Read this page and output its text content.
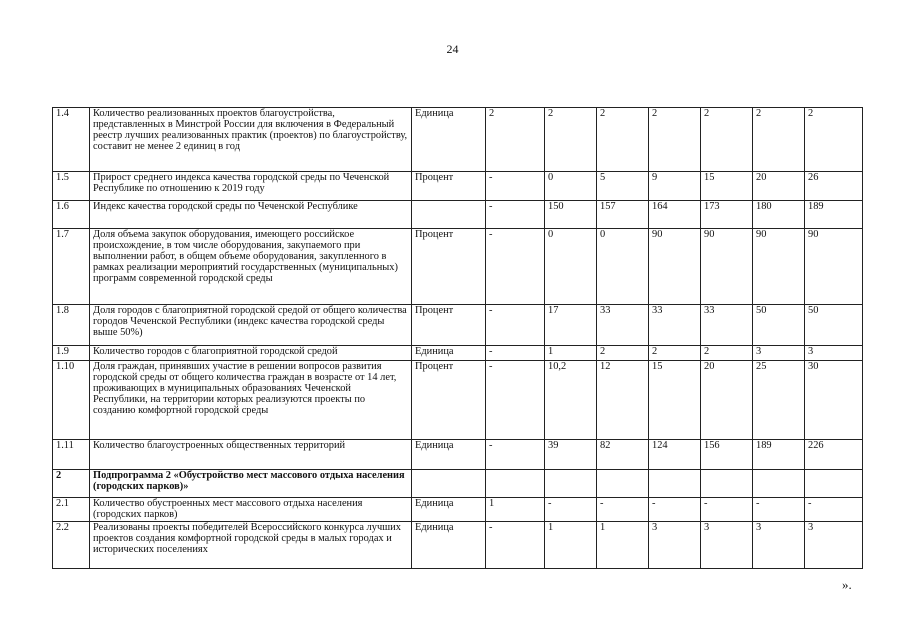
24
1.4	Количество реализованных проектов благоустройства, представленных в Минстрой России для включения в Федеральный реестр лучших реализованных практик (проектов) по благоустройству, составит не менее 2 единиц в год	Единица	2	2	2	2	2	2	2
1.5	Прирост среднего индекса качества городской среды по Чеченской Республике по отношению к 2019 году	Процент	-	0	5	9	15	20	26
1.6	Индекс качества городской среды по Чеченской Республике		-	150	157	164	173	180	189
1.7	Доля объема закупок оборудования, имеющего российское происхождение, в том числе оборудования, закупаемого при выполнении работ, в общем объеме оборудования, закупленного в рамках реализации мероприятий государственных (муниципальных) программ современной городской среды	Процент	-	0	0	90	90	90	90
1.8	Доля городов с благоприятной городской средой от общего количества городов Чеченской Республики (индекс качества городской среды выше 50%)	Процент	-	17	33	33	33	50	50
1.9	Количество городов с благоприятной городской средой	Единица	-	1	2	2	2	3	3
1.10	Доля граждан, принявших участие в решении вопросов развития городской среды от общего количества граждан в возрасте от 14 лет, проживающих в муниципальных образованиях Чеченской Республики, на территории которых реализуются проекты по созданию комфортной городской среды	Процент	-	10,2	12	15	20	25	30
1.11	Количество благоустроенных общественных территорий	Единица	-	39	82	124	156	189	226
2	Подпрограмма 2 «Обустройство мест массового отдыха населения (городских парков)»								
2.1	Количество обустроенных мест массового отдыха населения (городских парков)	Единица	1	-	-	-	-	-	-
2.2	Реализованы проекты победителей Всероссийского конкурса лучших проектов создания комфортной городской среды в малых городах и исторических поселениях	Единица	-	1	1	3	3	3	3
».
